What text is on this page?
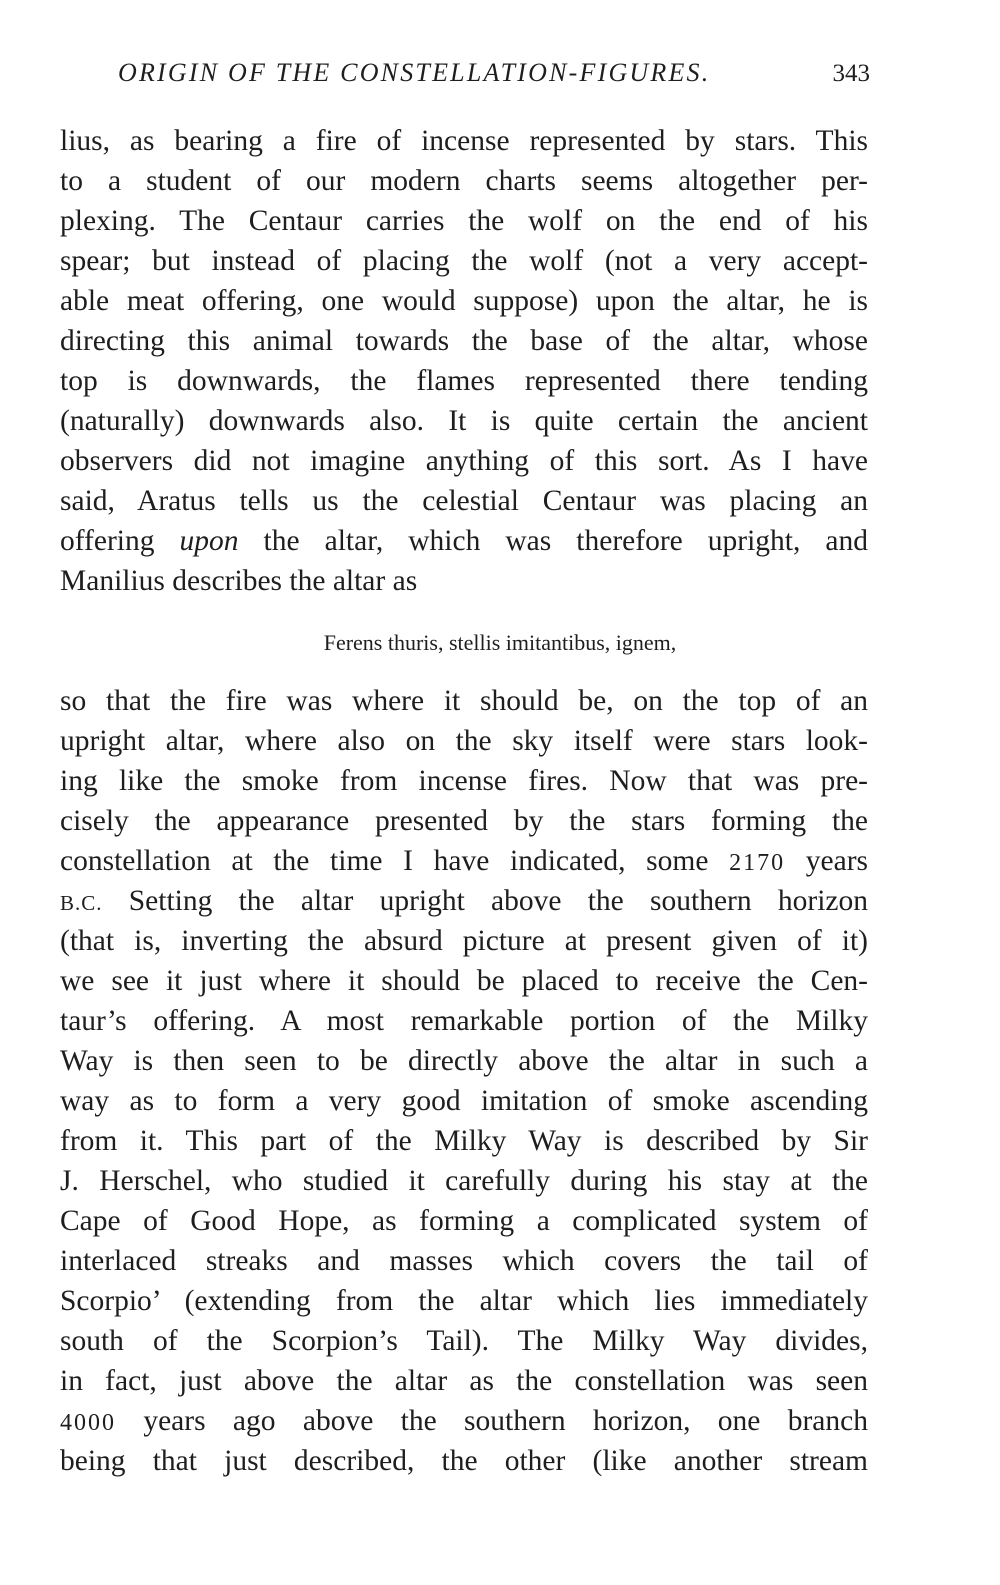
ORIGIN OF THE CONSTELLATION-FIGURES.	343
lius, as bearing a fire of incense represented by stars. This
to a student of our modern charts seems altogether per-
plexing. The Centaur carries the wolf on the end of his
spear; but instead of placing the wolf (not a very accept-
able meat offering, one would suppose) upon the altar, he is
directing this animal towards the base of the altar, whose
top is downwards, the flames represented there tending
(naturally) downwards also. It is quite certain the ancient
observers did not imagine anything of this sort. As I have
said, Aratus tells us the celestial Centaur was placing an
offering upon the altar, which was therefore upright, and
Manilius describes the altar as
Ferens thuris, stellis imitantibus, ignem,
so that the fire was where it should be, on the top of an
upright altar, where also on the sky itself were stars look-
ing like the smoke from incense fires. Now that was pre-
cisely the appearance presented by the stars forming the
constellation at the time I have indicated, some 2170 years
B.C. Setting the altar upright above the southern horizon
(that is, inverting the absurd picture at present given of it)
we see it just where it should be placed to receive the Cen-
taur’s offering. A most remarkable portion of the Milky
Way is then seen to be directly above the altar in such a
way as to form a very good imitation of smoke ascending
from it. This part of the Milky Way is described by Sir
J. Herschel, who studied it carefully during his stay at the
Cape of Good Hope, as forming a complicated system of
interlaced streaks and masses which covers the tail of
Scorpio’ (extending from the altar which lies immediately
south of the Scorpion’s Tail). The Milky Way divides,
in fact, just above the altar as the constellation was seen
4000 years ago above the southern horizon, one branch
being that just described, the other (like another stream
